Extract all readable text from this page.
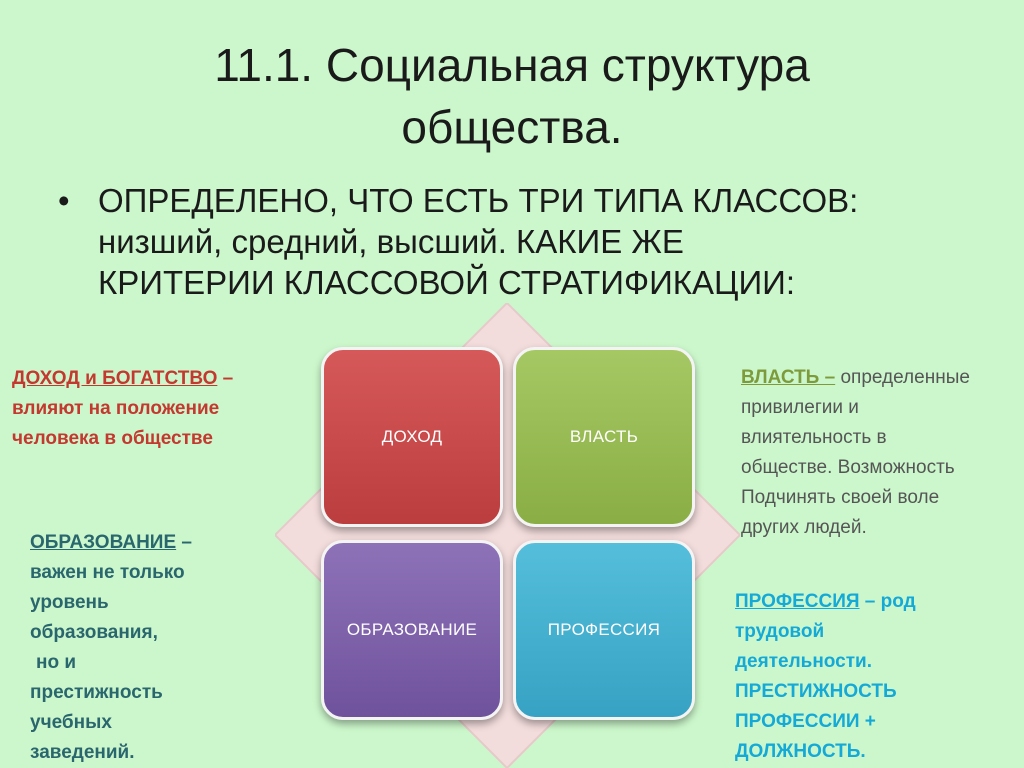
11.1. Социальная структура
общества.
• ОПРЕДЕЛЕНО, ЧТО ЕСТЬ ТРИ ТИПА КЛАССОВ:
низший, средний, высший. КАКИЕ ЖЕ
КРИТЕРИИ КЛАССОВОЙ СТРАТИФИКАЦИИ:
ДОХОД	ВЛАСТЬ
ОБРАЗОВАНИЕ	ПРОФЕССИЯ
ДОХОД и БОГАТСТВО –
влияют на положение
человека в обществе
ВЛАСТЬ – определенные
привилегии и
влиятельность в
обществе. Возможность
Подчинять своей воле
других людей.
ОБРАЗОВАНИЕ –
важен не только
уровень
образования,
но и
престижность
учебных
заведений.
ПРОФЕССИЯ – род
трудовой
деятельности.
ПРЕСТИЖНОСТЬ
ПРОФЕССИИ +
ДОЛЖНОСТЬ.
